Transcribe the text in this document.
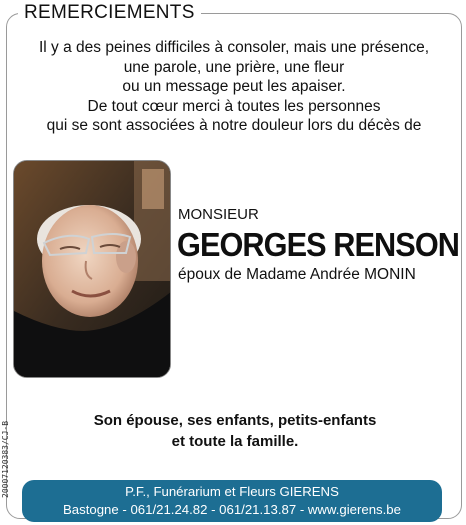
REMERCIEMENTS
Il y a des peines difficiles à consoler, mais une présence,
une parole, une prière, une fleur
ou un message peut les apaiser.
De tout cœur merci à toutes les personnes
qui se sont associées à notre douleur lors du décès de
MONSIEUR
GEORGES RENSON
époux de Madame Andrée MONIN
Son épouse, ses enfants, petits-enfants
et toute la famille.
20007120383/CJ-B	P.F., Funérarium et Fleurs GIERENS
Bastogne - 061/21.24.82 - 061/21.13.87 - www.gierens.be
